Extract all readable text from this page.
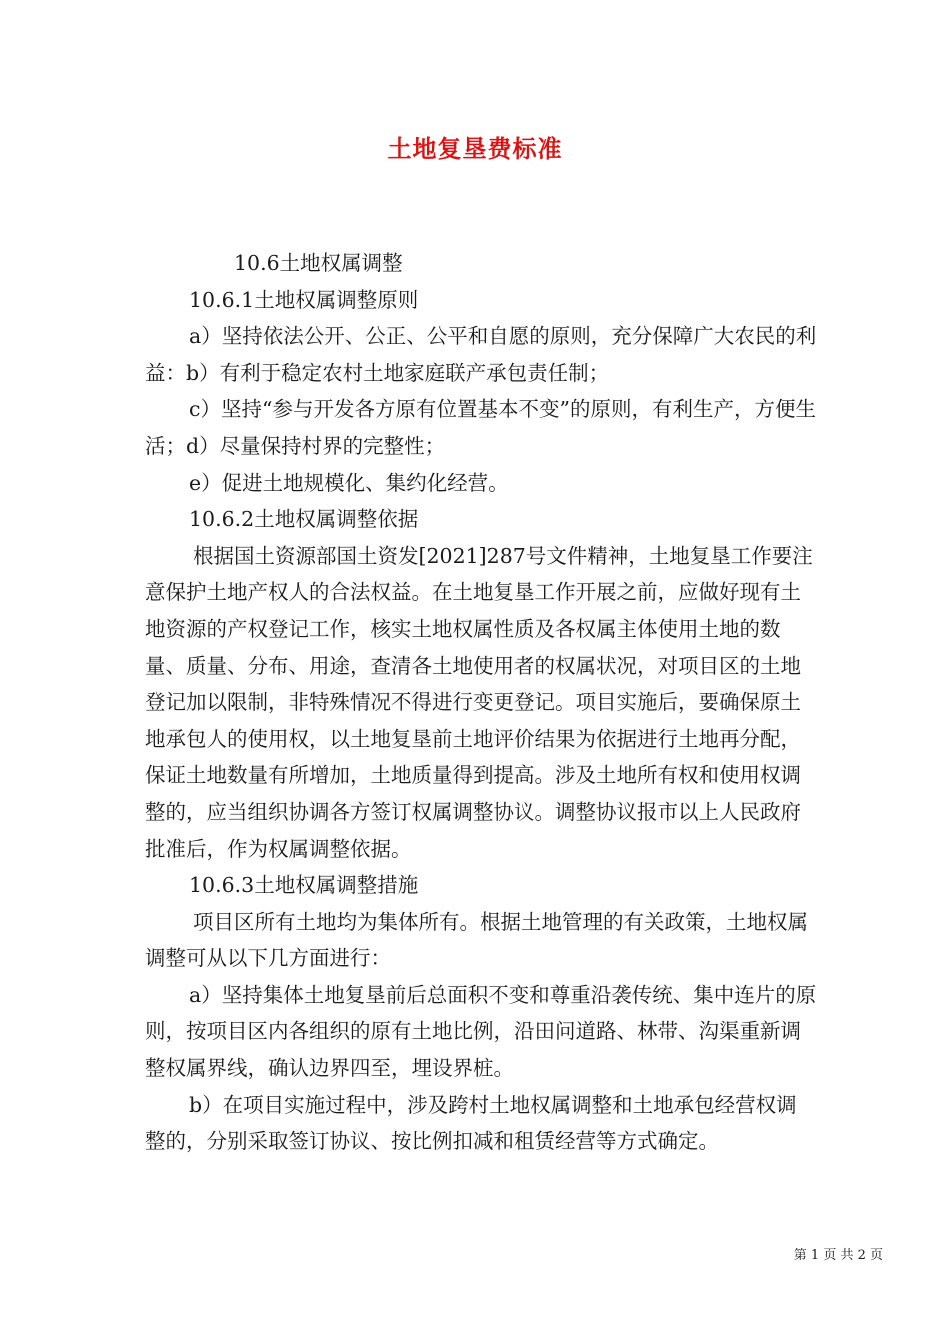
土地复垦费标准

10.6土地权属调整

10.6.1土地权属调整原则

a）坚持依法公开、公正、公平和自愿的原则，充分保障广大农民的利益：b）有利于稳定农村土地家庭联产承包责任制；

c）坚持“参与开发各方原有位置基本不变”的原则，有利生产，方便生活；d）尽量保持村界的完整性；

e）促进土地规模化、集约化经营。

10.6.2土地权属调整依据

根据国土资源部国土资发[2021]287号文件精神，土地复垦工作要注意保护土地产权人的合法权益。在土地复垦工作开展之前，应做好现有土地资源的产权登记工作，核实土地权属性质及各权属主体使用土地的数量、质量、分布、用途，查清各土地使用者的权属状况，对项目区的土地登记加以限制，非特殊情况不得进行变更登记。项目实施后，要确保原土地承包人的使用权，以土地复垦前土地评价结果为依据进行土地再分配，保证土地数量有所增加，土地质量得到提高。涉及土地所有权和使用权调整的，应当组织协调各方签订权属调整协议。调整协议报市以上人民政府批准后，作为权属调整依据。

10.6.3土地权属调整措施

项目区所有土地均为集体所有。根据土地管理的有关政策，土地权属调整可从以下几方面进行：

a）坚持集体土地复垦前后总面积不变和尊重沿袭传统、集中连片的原则，按项目区内各组织的原有土地比例，沿田问道路、林带、沟渠重新调整权属界线，确认边界四至，埋设界桩。

b）在项目实施过程中，涉及跨村土地权属调整和土地承包经营权调整的，分别采取签订协议、按比例扣减和租赁经营等方式确定。

第 1 页 共 2 页
